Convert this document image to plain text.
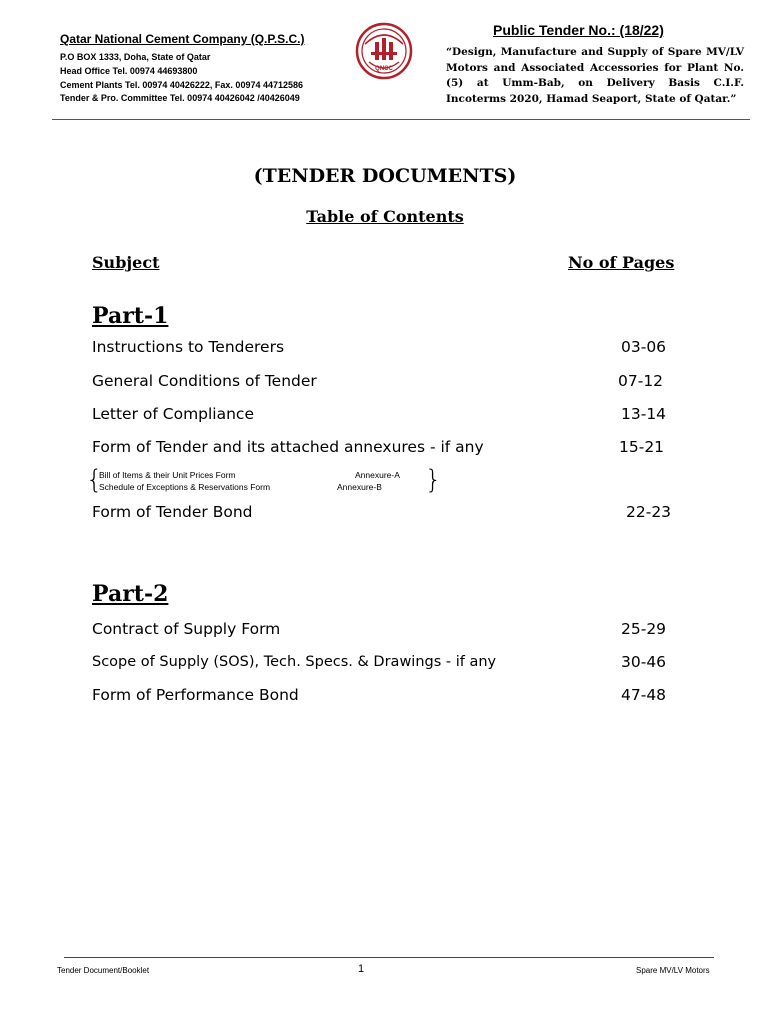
Qatar National Cement Company (Q.P.S.C.)
P.O BOX 1333, Doha, State of Qatar
Head Office Tel. 00974 44693800
Cement Plants Tel. 00974 40426222, Fax. 00974 44712586
Tender & Pro. Committee Tel. 00974 40426042 /40426049
QNCC
Public Tender No.: (18/22)
“Design, Manufacture and Supply of Spare MV/LV Motors and Associated Accessories for Plant No. (5) at Umm-Bab, on Delivery Basis C.I.F. Incoterms 2020, Hamad Seaport, State of Qatar.”
(TENDER DOCUMENTS)
Table of Contents
Subject	No of Pages
Part-1
Instructions to Tenderers	03-06
General Conditions of Tender	07-12
Letter of Compliance	13-14
Form of Tender and its attached annexures - if any	15-21
{
Bill of Items & their Unit Prices Form	Annexure-A
Schedule of Exceptions & Reservations Form	Annexure-B }
Form of Tender Bond	22-23
Part-2
Contract of Supply Form	25-29
Scope of Supply (SOS), Tech. Specs. & Drawings - if any	30-46
Form of Performance Bond	47-48
Tender Document/Booklet	1	Spare MV/LV Motors
